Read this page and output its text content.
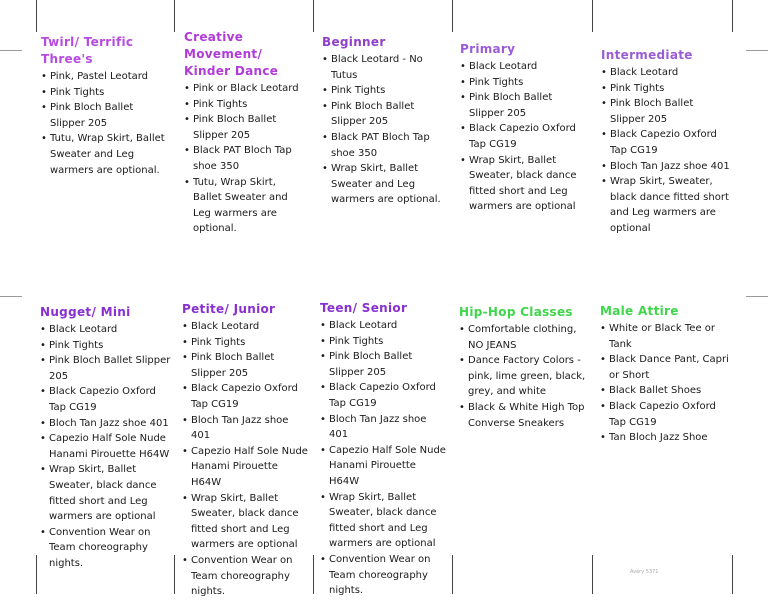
Twirl/ Terrific Three's
• Pink, Pastel Leotard
• Pink Tights
• Pink Bloch Ballet Slipper 205
• Tutu, Wrap Skirt, Ballet Sweater and Leg warmers are optional.
Creative Movement/ Kinder Dance
• Pink or Black Leotard
• Pink Tights
• Pink Bloch Ballet Slipper 205
• Black PAT Bloch Tap shoe 350
• Tutu, Wrap Skirt, Ballet Sweater and Leg warmers are optional.
Beginner
• Black Leotard - No Tutus
• Pink Tights
• Pink Bloch Ballet Slipper 205
• Black PAT Bloch Tap shoe 350
• Wrap Skirt, Ballet Sweater and Leg warmers are optional.
Primary
• Black Leotard
• Pink Tights
• Pink Bloch Ballet Slipper 205
• Black Capezio Oxford Tap CG19
• Wrap Skirt, Ballet Sweater, black dance fitted short and Leg warmers are optional
Intermediate
• Black Leotard
• Pink Tights
• Pink Bloch Ballet Slipper 205
• Black Capezio Oxford Tap CG19
• Bloch Tan Jazz shoe 401
• Wrap Skirt, Sweater, black dance fitted short and Leg warmers are optional
Nugget/ Mini
• Black Leotard
• Pink Tights
• Pink Bloch Ballet Slipper 205
• Black Capezio Oxford Tap CG19
• Bloch Tan Jazz shoe 401
• Capezio Half Sole Nude Hanami Pirouette H64W
• Wrap Skirt, Ballet Sweater, black dance fitted short and Leg warmers are optional
• Convention Wear on Team choreography nights.
Petite/ Junior
• Black Leotard
• Pink Tights
• Pink Bloch Ballet Slipper 205
• Black Capezio Oxford Tap CG19
• Bloch Tan Jazz shoe 401
• Capezio Half Sole Nude Hanami Pirouette H64W
• Wrap Skirt, Ballet Sweater, black dance fitted short and Leg warmers are optional
• Convention Wear on Team choreography nights.
Teen/ Senior
• Black Leotard
• Pink Tights
• Pink Bloch Ballet Slipper 205
• Black Capezio Oxford Tap CG19
• Bloch Tan Jazz shoe 401
• Capezio Half Sole Nude Hanami Pirouette H64W
• Wrap Skirt, Ballet Sweater, black dance fitted short and Leg warmers are optional
• Convention Wear on Team choreography nights.
Hip-Hop Classes
• Comfortable clothing, NO JEANS
• Dance Factory Colors - pink, lime green, black, grey, and white
• Black & White High Top Converse Sneakers
Male Attire
• White or Black Tee or Tank
• Black Dance Pant, Capri or Short
• Black Ballet Shoes
• Black Capezio Oxford Tap CG19
• Tan Bloch Jazz Shoe
Avery 5371
